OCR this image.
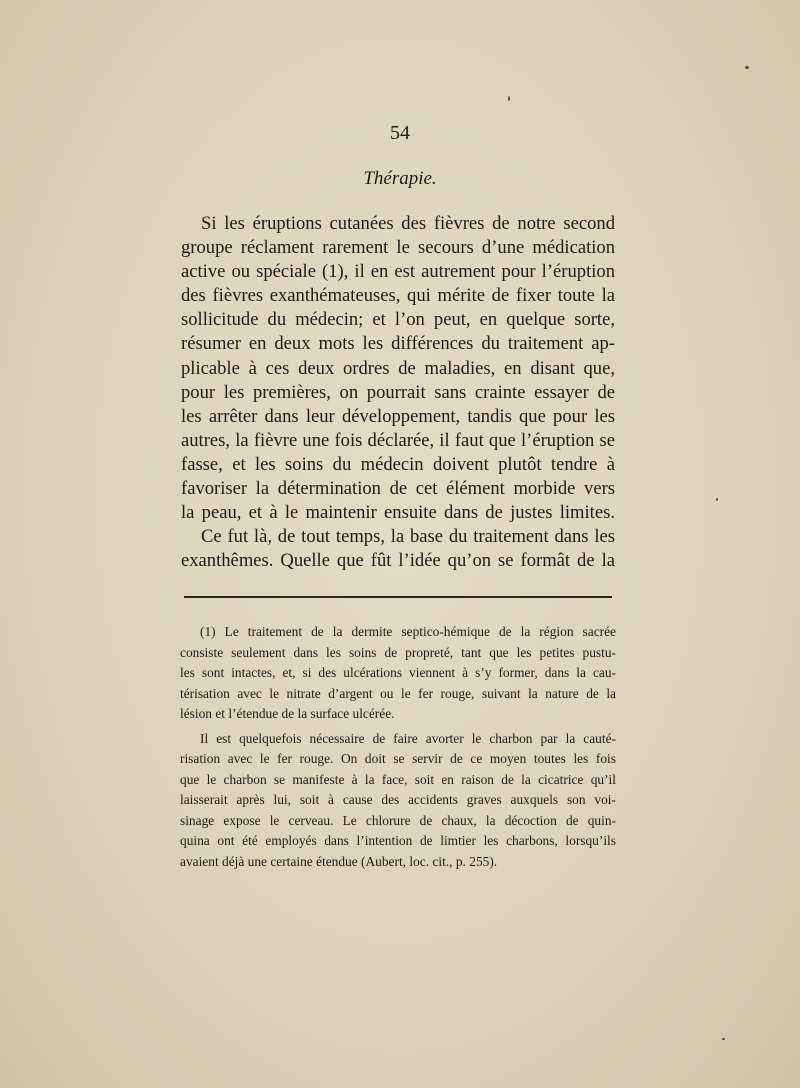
54
Thérapie.
Si les éruptions cutanées des fièvres de notre second
groupe réclament rarement le secours d’une médication
active ou spéciale (1), il en est autrement pour l’éruption
des fièvres exanthémateuses, qui mérite de fixer toute la
sollicitude du médecin; et l’on peut, en quelque sorte,
résumer en deux mots les différences du traitement ap-
plicable à ces deux ordres de maladies, en disant que,
pour les premières, on pourrait sans crainte essayer de
les arrêter dans leur développement, tandis que pour les
autres, la fièvre une fois déclarée, il faut que l’éruption se
fasse, et les soins du médecin doivent plutôt tendre à
favoriser la détermination de cet élément morbide vers
la peau, et à le maintenir ensuite dans de justes limites.
Ce fut là, de tout temps, la base du traitement dans les
exanthêmes. Quelle que fût l’idée qu’on se formât de la
(1) Le traitement de la dermite septico-hémique de la région sacrée
consiste seulement dans les soins de propreté, tant que les petites pustu-
les sont intactes, et, si des ulcérations viennent à s’y former, dans la cau-
térisation avec le nitrate d’argent ou le fer rouge, suivant la nature de la
lésion et l’étendue de la surface ulcérée.
Il est quelquefois nécessaire de faire avorter le charbon par la cauté-
risation avec le fer rouge. On doit se servir de ce moyen toutes les fois
que le charbon se manifeste à la face, soit en raison de la cicatrice qu’il
laisserait après lui, soit à cause des accidents graves auxquels son voi-
sinage expose le cerveau. Le chlorure de chaux, la décoction de quin-
quina ont été employés dans l’intention de limtier les charbons, lorsqu’ils
avaient déjà une certaine étendue (Aubert, loc. cit., p. 255).
